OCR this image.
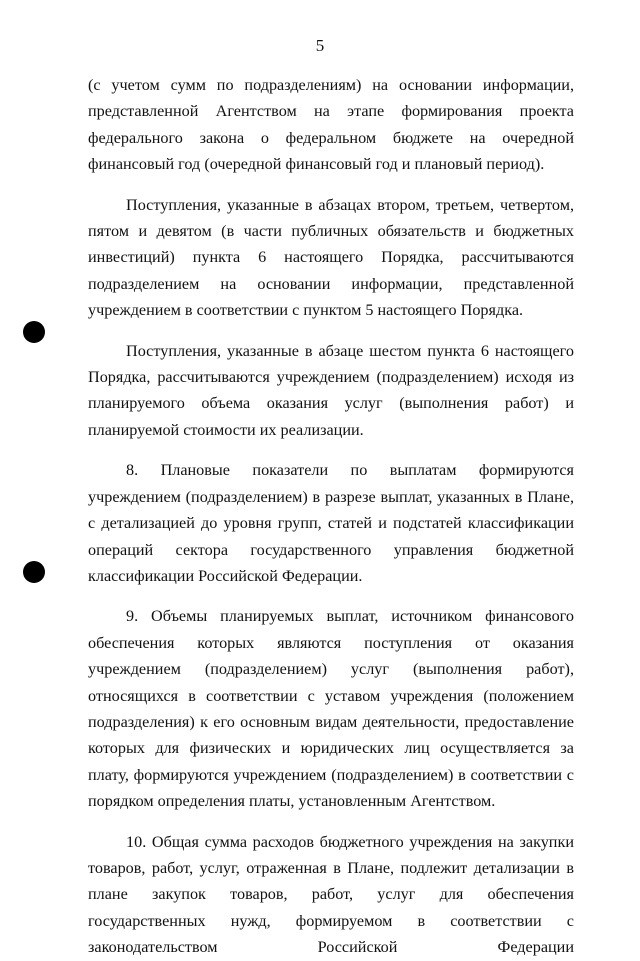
5

(с учетом сумм по подразделениям) на основании информации, представленной Агентством на этапе формирования проекта федерального закона о федеральном бюджете на очередной финансовый год (очередной финансовый год и плановый период).

Поступления, указанные в абзацах втором, третьем, четвертом, пятом и девятом (в части публичных обязательств и бюджетных инвестиций) пункта 6 настоящего Порядка, рассчитываются подразделением на основании информации, представленной учреждением в соответствии с пунктом 5 настоящего Порядка.

Поступления, указанные в абзаце шестом пункта 6 настоящего Порядка, рассчитываются учреждением (подразделением) исходя из планируемого объема оказания услуг (выполнения работ) и планируемой стоимости их реализации.

8. Плановые показатели по выплатам формируются учреждением (подразделением) в разрезе выплат, указанных в Плане, с детализацией до уровня групп, статей и подстатей классификации операций сектора государственного управления бюджетной классификации Российской Федерации.

9. Объемы планируемых выплат, источником финансового обеспечения которых являются поступления от оказания учреждением (подразделением) услуг (выполнения работ), относящихся в соответствии с уставом учреждения (положением подразделения) к его основным видам деятельности, предоставление которых для физических и юридических лиц осуществляется за плату, формируются учреждением (подразделением) в соответствии с порядком определения платы, установленным Агентством.

10. Общая сумма расходов бюджетного учреждения на закупки товаров, работ, услуг, отраженная в Плане, подлежит детализации в плане закупок товаров, работ, услуг для обеспечения государственных нужд, формируемом в соответствии с законодательством Российской Федерации
